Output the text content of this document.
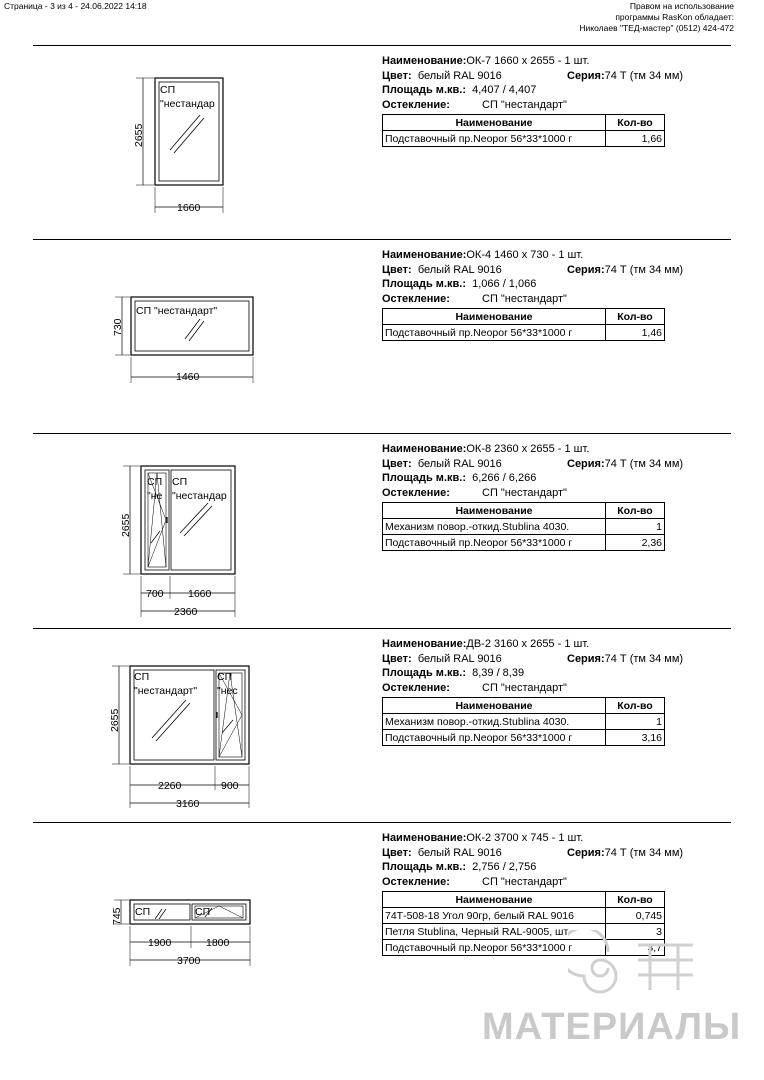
Страница - 3 из 4 - 24.06.2022 14:18	Правом на использование
программы RasKon обладает:
Николаев "ТЕД-мастер" (0512) 424-472
СП
"нестандар
2655
1660
Наименование:ОК-7 1660 х 2655 - 1 шт.
Цвет: белый RAL 9016	Серия:74 Т (тм 34 мм)
Площадь м.кв.: 4,407 / 4,407
Остекление:	СП "нестандарт"
Наименование	Кол-во
Подставочный пр.Neopor 56*33*1000 г	1,66
СП "нестандарт"
730
1460
Наименование:ОК-4 1460 х 730 - 1 шт.
Цвет: белый RAL 9016	Серия:74 Т (тм 34 мм)
Площадь м.кв.: 1,066 / 1,066
Остекление:	СП "нестандарт"
Наименование	Кол-во
Подставочный пр.Neopor 56*33*1000 г	1,46
СП
"не
СП
"нестандар
2655
700 1660
2360
Наименование:ОК-8 2360 х 2655 - 1 шт.
Цвет: белый RAL 9016	Серия:74 Т (тм 34 мм)
Площадь м.кв.: 6,266 / 6,266
Остекление:	СП "нестандарт"
Наименование	Кол-во
Механизм повор.-откид.Stublina 4030.	1
Подставочный пр.Neopor 56*33*1000 г	2,36
СП
"нестандарт"
СП
"нес
2655
2260	900
3160
Наименование:ДВ-2 3160 х 2655 - 1 шт.
Цвет: белый RAL 9016	Серия:74 Т (тм 34 мм)
Площадь м.кв.: 8,39 / 8,39
Остекление:	СП "нестандарт"
Наименование	Кол-во
Механизм повор.-откид.Stublina 4030.	1
Подставочный пр.Neopor 56*33*1000 г	3,16
СП	СП
745
1900	1800
3700
Наименование:ОК-2 3700 х 745 - 1 шт.
Цвет: белый RAL 9016	Серия:74 Т (тм 34 мм)
Площадь м.кв.: 2,756 / 2,756
Остекление:	СП "нестандарт"
Наименование	Кол-во
74Т-508-18 Угол 90гр, белый RAL 9016	0,745
Петля Stublina, Черный RAL-9005, шт.	3
Подставочный пр.Neopor 56*33*1000 г	3,7
МАТЕРИАЛЫ
